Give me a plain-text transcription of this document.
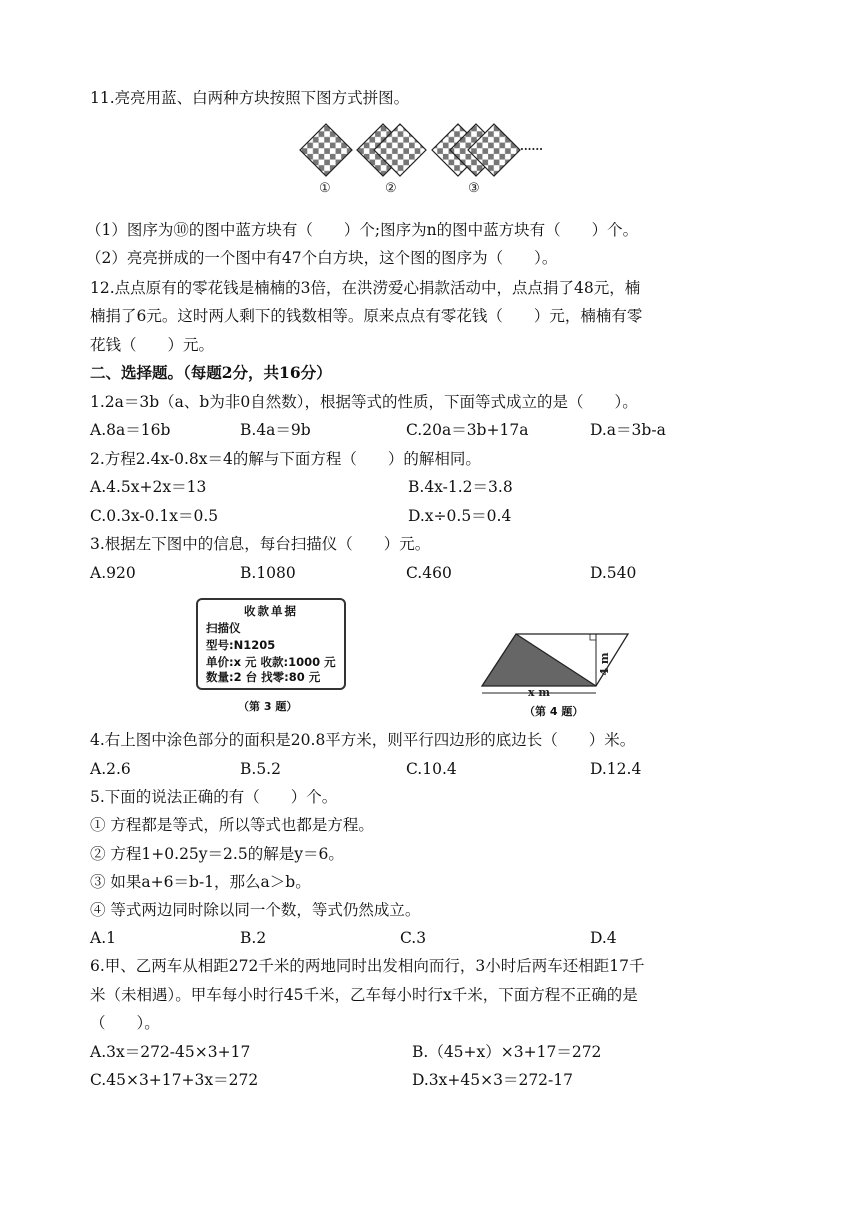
11.亮亮用蓝、白两种方块按照下图方式拼图。
······
①	②	③
（1）图序为⑩的图中蓝方块有（　　）个;图序为n的图中蓝方块有（　　）个。
（2）亮亮拼成的一个图中有47个白方块，这个图的图序为（　　）。
12.点点原有的零花钱是楠楠的3倍，在洪涝爱心捐款活动中，点点捐了48元，楠
楠捐了6元。这时两人剩下的钱数相等。原来点点有零花钱（　　）元，楠楠有零
花钱（　　）元。
二、选择题。（每题2分，共16分）
1.2a＝3b（a、b为非0自然数），根据等式的性质，下面等式成立的是（　　）。
A.8a＝16b	B.4a＝9b	C.20a＝3b+17a	D.a＝3b-a
2.方程2.4x-0.8x＝4的解与下面方程（　　）的解相同。
A.4.5x+2x＝13	B.4x-1.2＝3.8
C.0.3x-0.1x＝0.5	D.x÷0.5＝0.4
3.根据左下图中的信息，每台扫描仪（　　）元。
A.920	B.1080	C.460	D.540
收款单据
扫描仪
型号:N1205
单价:x 元 收款:1000 元
数量:2 台 找零:80 元
（第 3 题）
4 m
x m
（第 4 题）
4.右上图中涂色部分的面积是20.8平方米，则平行四边形的底边长（　　）米。
A.2.6	B.5.2	C.10.4	D.12.4
5.下面的说法正确的有（　　）个。
① 方程都是等式，所以等式也都是方程。
② 方程1+0.25y＝2.5的解是y＝6。
③ 如果a+6＝b-1，那么a＞b。
④ 等式两边同时除以同一个数，等式仍然成立。
A.1	B.2	C.3	D.4
6.甲、乙两车从相距272千米的两地同时出发相向而行，3小时后两车还相距17千
米（未相遇）。甲车每小时行45千米，乙车每小时行x千米，下面方程不正确的是
（　　）。
A.3x＝272-45×3+17	B.（45+x）×3+17＝272
C.45×3+17+3x＝272	D.3x+45×3＝272-17
